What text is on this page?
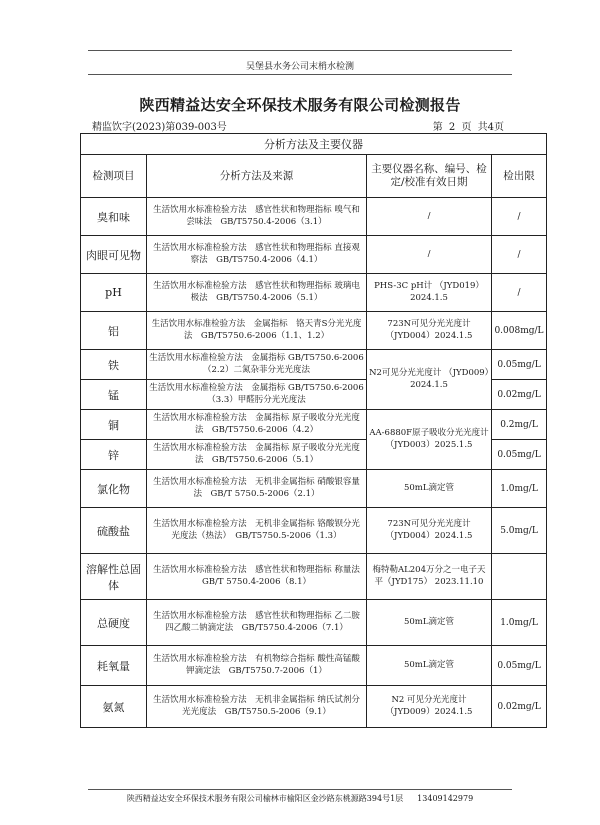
吴堡县水务公司末梢水检测
陕西精益达安全环保技术服务有限公司检测报告
精监饮字(2023)第039-003号	第 2 页 共4页
分析方法及主要仪器			
检测项目	分析方法及来源	主要仪器名称、编号、检定/校准有效日期	检出限
臭和味	生活饮用水标准检验方法　感官性状和物理指标 嗅气和尝味法　GB/T5750.4-2006（3.1）	/	/
肉眼可见物	生活饮用水标准检验方法　感官性状和物理指标 直接观察法　GB/T5750.4-2006（4.1）	/	/
pH	生活饮用水标准检验方法　感官性状和物理指标 玻璃电极法　GB/T5750.4-2006（5.1）	PHS-3C pH计 （JYD019）2024.1.5	/
铝	生活饮用水标准检验方法　金属指标　铬天青S分光光度法　GB/T5750.6-2006（1.1、1.2）	723N可见分光光度计 （JYD004）2024.1.5	0.008mg/L
铁	生活饮用水标准检验方法　金属指标 GB/T5750.6-2006（2.2）二氮杂菲分光光度法	N2可见分光光度计 （JYD009）2024.1.5	0.05mg/L
锰	生活饮用水标准检验方法　金属指标 GB/T5750.6-2006（3.3）甲醛肟分光光度法		0.02mg/L
铜	生活饮用水标准检验方法　金属指标 原子吸收分光光度法　GB/T5750.6-2006（4.2）	AA-6880F原子吸收分光光度计（JYD003）2025.1.5	0.2mg/L
锌	生活饮用水标准检验方法　金属指标 原子吸收分光光度法　GB/T5750.6-2006（5.1）		0.05mg/L
氯化物	生活饮用水标准检验方法　无机非金属指标 硝酸银容量法　GB/T 5750.5-2006（2.1）	50mL滴定管	1.0mg/L
硫酸盐	生活饮用水标准检验方法　无机非金属指标 铬酸钡分光光度法（热法）　GB/T5750.5-2006（1.3）	723N可见分光光度计 （JYD004）2024.1.5	5.0mg/L
溶解性总固体	生活饮用水标准检验方法　感官性状和物理指标 称量法　GB/T 5750.4-2006（8.1）	梅特勒AL204万分之一电子天平（JYD175） 2023.11.10	
总硬度	生活饮用水标准检验方法　感官性状和物理指标 乙二胺四乙酸二钠滴定法　GB/T5750.4-2006（7.1）	50mL滴定管	1.0mg/L
耗氧量	生活饮用水标准检验方法　有机物综合指标 酸性高锰酸钾滴定法　GB/T5750.7-2006（1）	50mL滴定管	0.05mg/L
氨氮	生活饮用水标准检验方法　无机非金属指标 纳氏试剂分光光度法　GB/T5750.5-2006（9.1）	N2 可见分光光度计 （JYD009）2024.1.5	0.02mg/L
陕西精益达安全环保技术服务有限公司榆林市榆阳区金沙路东桃源路394号1层 13409142979
